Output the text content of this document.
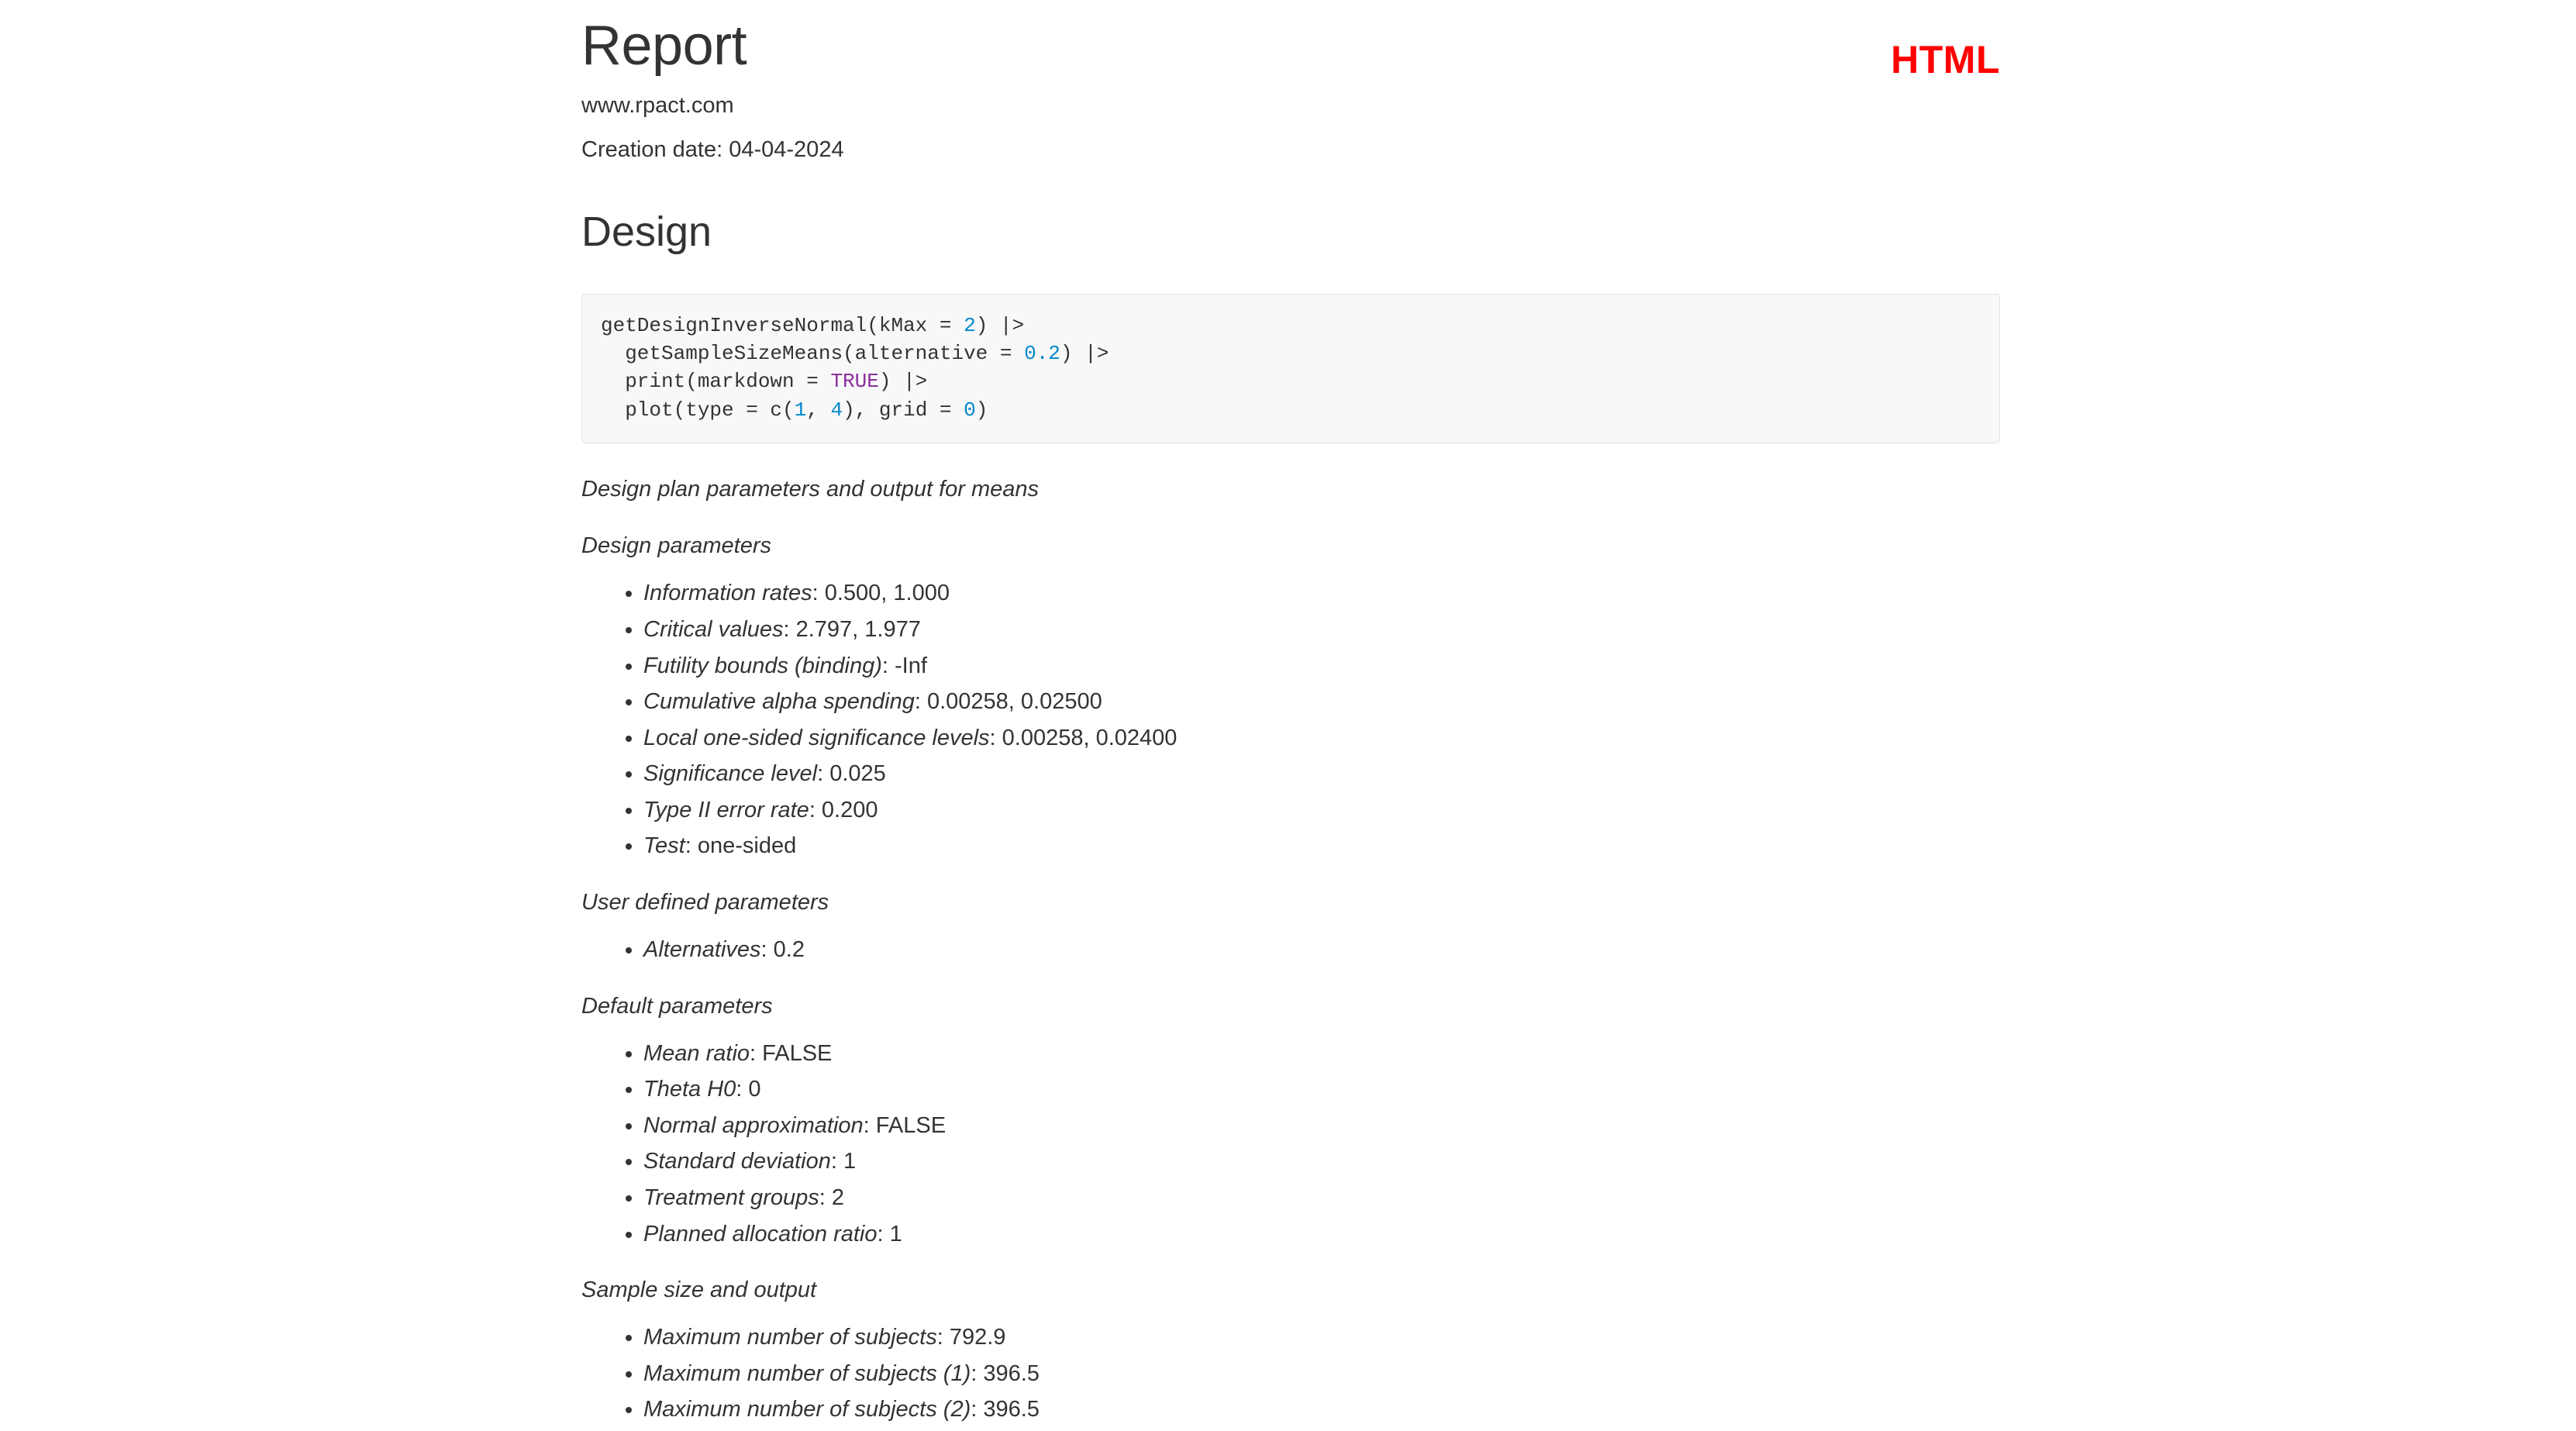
HTML
Report
www.rpact.com
Creation date: 04-04-2024
Design
getDesignInverseNormal(kMax = 2) |>
getSampleSizeMeans(alternative = 0.2) |>
print(markdown = TRUE) |>
plot(type = c(1, 4), grid = 0)
Design plan parameters and output for means
Design parameters
• Information rates: 0.500, 1.000
• Critical values: 2.797, 1.977
• Futility bounds (binding): -Inf
• Cumulative alpha spending: 0.00258, 0.02500
• Local one-sided significance levels: 0.00258, 0.02400
• Significance level: 0.025
• Type II error rate: 0.200
• Test: one-sided
User defined parameters
• Alternatives: 0.2
Default parameters
• Mean ratio: FALSE
• Theta H0: 0
• Normal approximation: FALSE
• Standard deviation: 1
• Treatment groups: 2
• Planned allocation ratio: 1
Sample size and output
• Maximum number of subjects: 792.9
• Maximum number of subjects (1): 396.5
• Maximum number of subjects (2): 396.5
